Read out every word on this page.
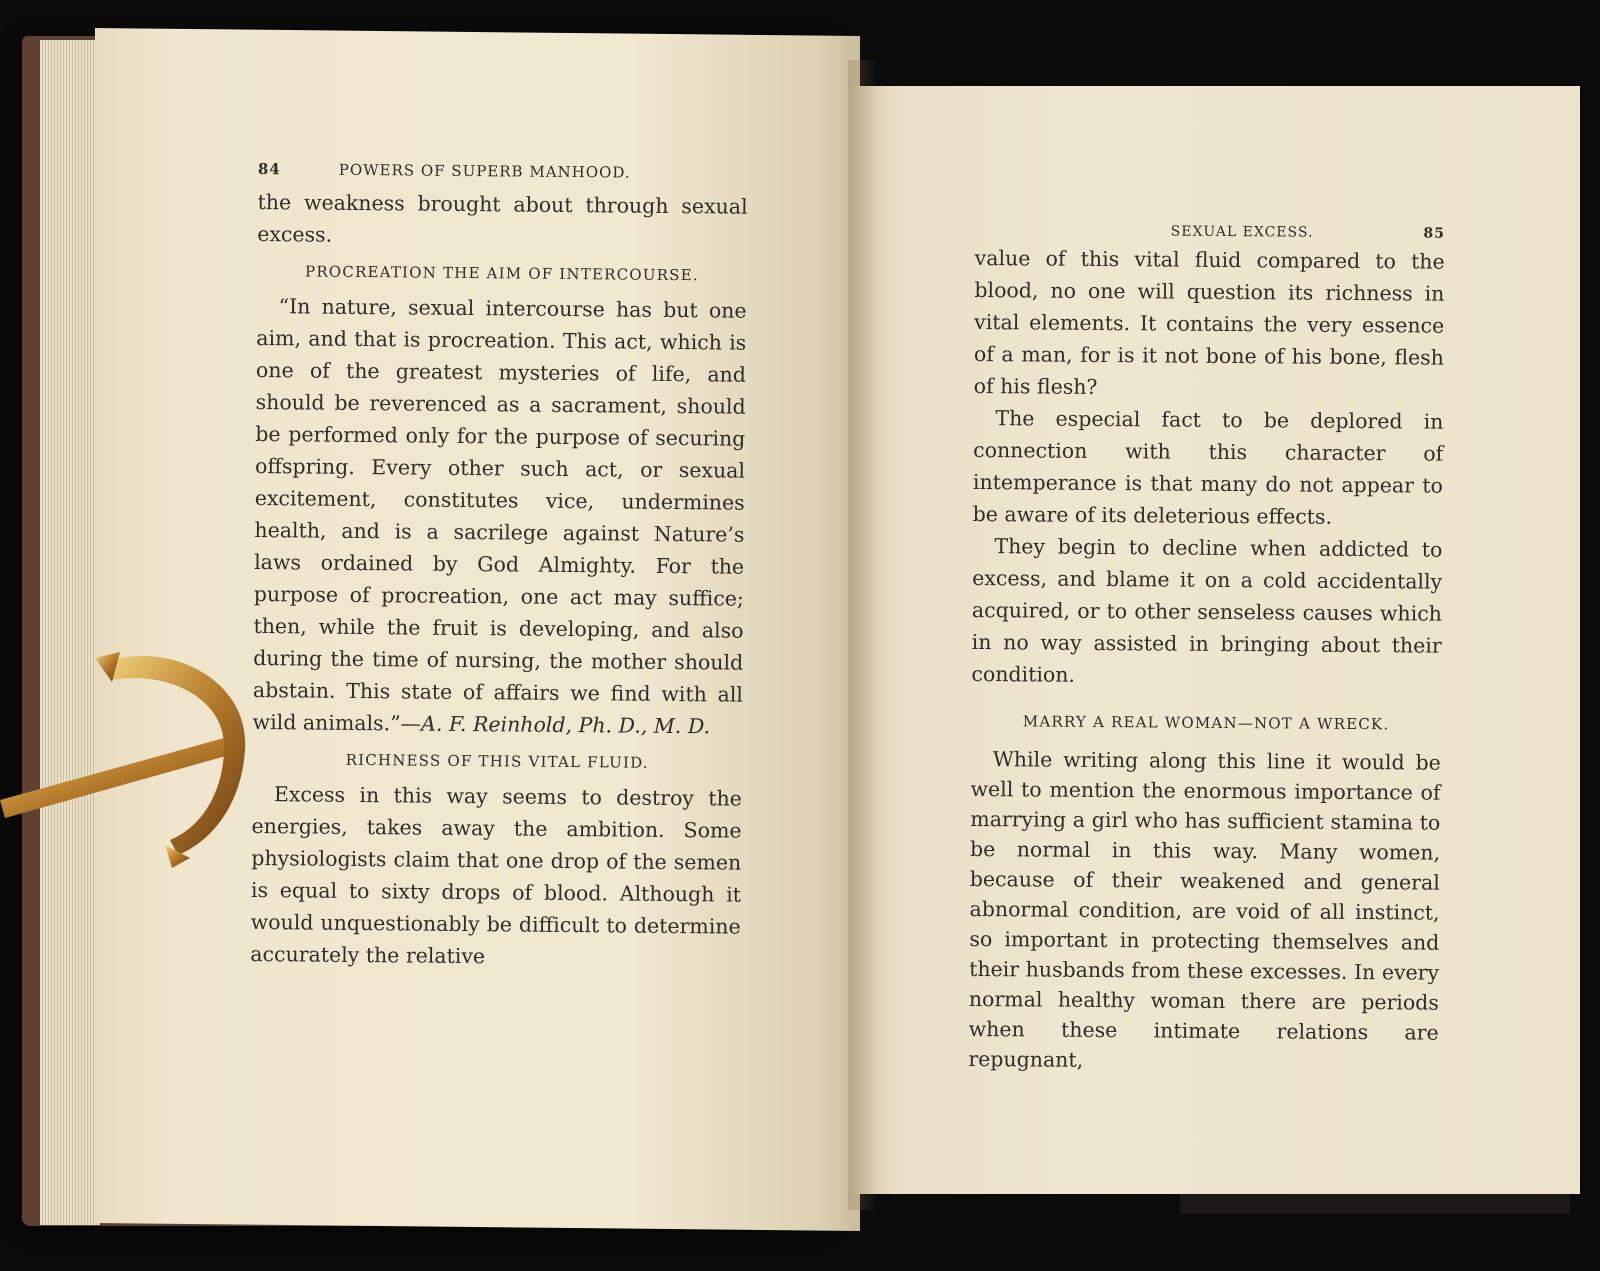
84	POWERS OF SUPERB MANHOOD.

the weakness brought about through sexual excess.

PROCREATION THE AIM OF INTERCOURSE.

“In nature, sexual intercourse has but one aim, and that is procreation. This act, which is one of the greatest mysteries of life, and should be reverenced as a sacrament, should be performed only for the purpose of securing offspring. Every other such act, or sexual excitement, constitutes vice, undermines health, and is a sacrilege against Nature’s laws ordained by God Almighty. For the purpose of procreation, one act may suffice; then, while the fruit is developing, and also during the time of nursing, the mother should abstain. This state of affairs we find with all wild animals.”—A. F. Reinhold, Ph. D., M. D.

RICHNESS OF THIS VITAL FLUID.

Excess in this way seems to destroy the energies, takes away the ambition. Some physiologists claim that one drop of the semen is equal to sixty drops of blood. Although it would unquestionably be difficult to determine accurately the relative

SEXUAL EXCESS.	85

value of this vital fluid compared to the blood, no one will question its richness in vital elements. It contains the very essence of a man, for is it not bone of his bone, flesh of his flesh?

The especial fact to be deplored in connection with this character of intemperance is that many do not appear to be aware of its deleterious effects.

They begin to decline when addicted to excess, and blame it on a cold accidentally acquired, or to other senseless causes which in no way assisted in bringing about their condition.

MARRY A REAL WOMAN—NOT A WRECK.

While writing along this line it would be well to mention the enormous importance of marrying a girl who has sufficient stamina to be normal in this way. Many women, because of their weakened and general abnormal condition, are void of all instinct, so important in protecting themselves and their husbands from these excesses. In every normal healthy woman there are periods when these intimate relations are repugnant,
